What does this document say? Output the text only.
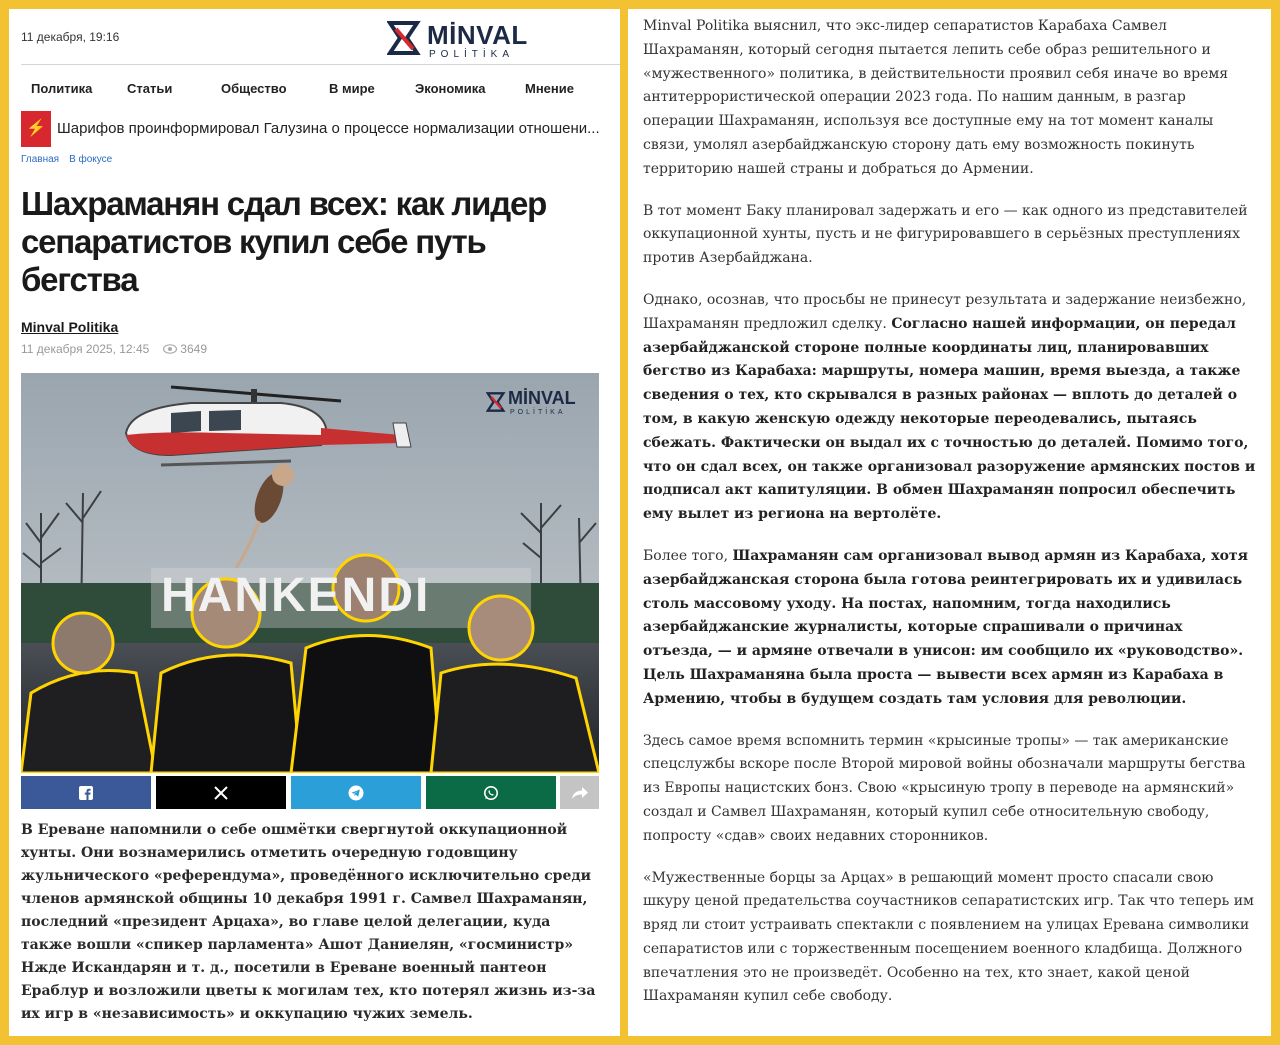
11 декабря, 19:16	MİNVAL
POLİTİKA
Политика	Статьи	Общество	В мире	Экономика	Мнение
⚡ Шарифов проинформировал Галузина о процессе нормализации отношени...
Главная В фокусе
Шахраманян сдал всех: как лидер сепаратистов купил себе путь бегства
Minval Politika
11 декабря 2025, 12:45	3649
HANKENDI
MİNVAL
POLİTİKA
В Ереване напомнили о себе ошмётки свергнутой оккупационной хунты. Они вознамерились отметить очередную годовщину жульнического «референдума», проведённого исключительно среди членов армянской общины 10 декабря 1991 г. Самвел Шахраманян, последний «президент Арцаха», во главе целой делегации, куда также вошли «спикер парламента» Ашот Даниелян, «госминистр» Нжде Искандарян и т. д., посетили в Ереване военный пантеон Ераблур и возложили цветы к могилам тех, кто потерял жизнь из-за их игр в «независимость» и оккупацию чужих земель.

Minval Politika выяснил, что экс-лидер сепаратистов Карабаха Самвел Шахраманян, который сегодня пытается лепить себе образ решительного и «мужественного» политика, в действительности проявил себя иначе во время антитеррористической операции 2023 года. По нашим данным, в разгар операции Шахраманян, используя все доступные ему на тот момент каналы связи, умолял азербайджанскую сторону дать ему возможность покинуть территорию нашей страны и добраться до Армении.

В тот момент Баку планировал задержать и его — как одного из представителей оккупационной хунты, пусть и не фигурировавшего в серьёзных преступлениях против Азербайджана.

Однако, осознав, что просьбы не принесут результата и задержание неизбежно, Шахраманян предложил сделку. Согласно нашей информации, он передал азербайджанской стороне полные координаты лиц, планировавших бегство из Карабаха: маршруты, номера машин, время выезда, а также сведения о тех, кто скрывался в разных районах — вплоть до деталей о том, в какую женскую одежду некоторые переодевались, пытаясь сбежать. Фактически он выдал их с точностью до деталей. Помимо того, что он сдал всех, он также организовал разоружение армянских постов и подписал акт капитуляции. В обмен Шахраманян попросил обеспечить ему вылет из региона на вертолёте.

Более того, Шахраманян сам организовал вывод армян из Карабаха, хотя азербайджанская сторона была готова реинтегрировать их и удивилась столь массовому уходу. На постах, напомним, тогда находились азербайджанские журналисты, которые спрашивали о причинах отъезда, — и армяне отвечали в унисон: им сообщило их «руководство». Цель Шахраманяна была проста — вывести всех армян из Карабаха в Армению, чтобы в будущем создать там условия для революции.

Здесь самое время вспомнить термин «крысиные тропы» — так американские спецслужбы вскоре после Второй мировой войны обозначали маршруты бегства из Европы нацистских бонз. Свою «крысиную тропу в переводе на армянский» создал и Самвел Шахраманян, который купил себе относительную свободу, попросту «сдав» своих недавних сторонников.

«Мужественные борцы за Арцах» в решающий момент просто спасали свою шкуру ценой предательства соучастников сепаратистских игр. Так что теперь им вряд ли стоит устраивать спектакли с появлением на улицах Еревана символики сепаратистов или с торжественным посещением военного кладбища. Должного впечатления это не произведёт. Особенно на тех, кто знает, какой ценой Шахраманян купил себе свободу.
